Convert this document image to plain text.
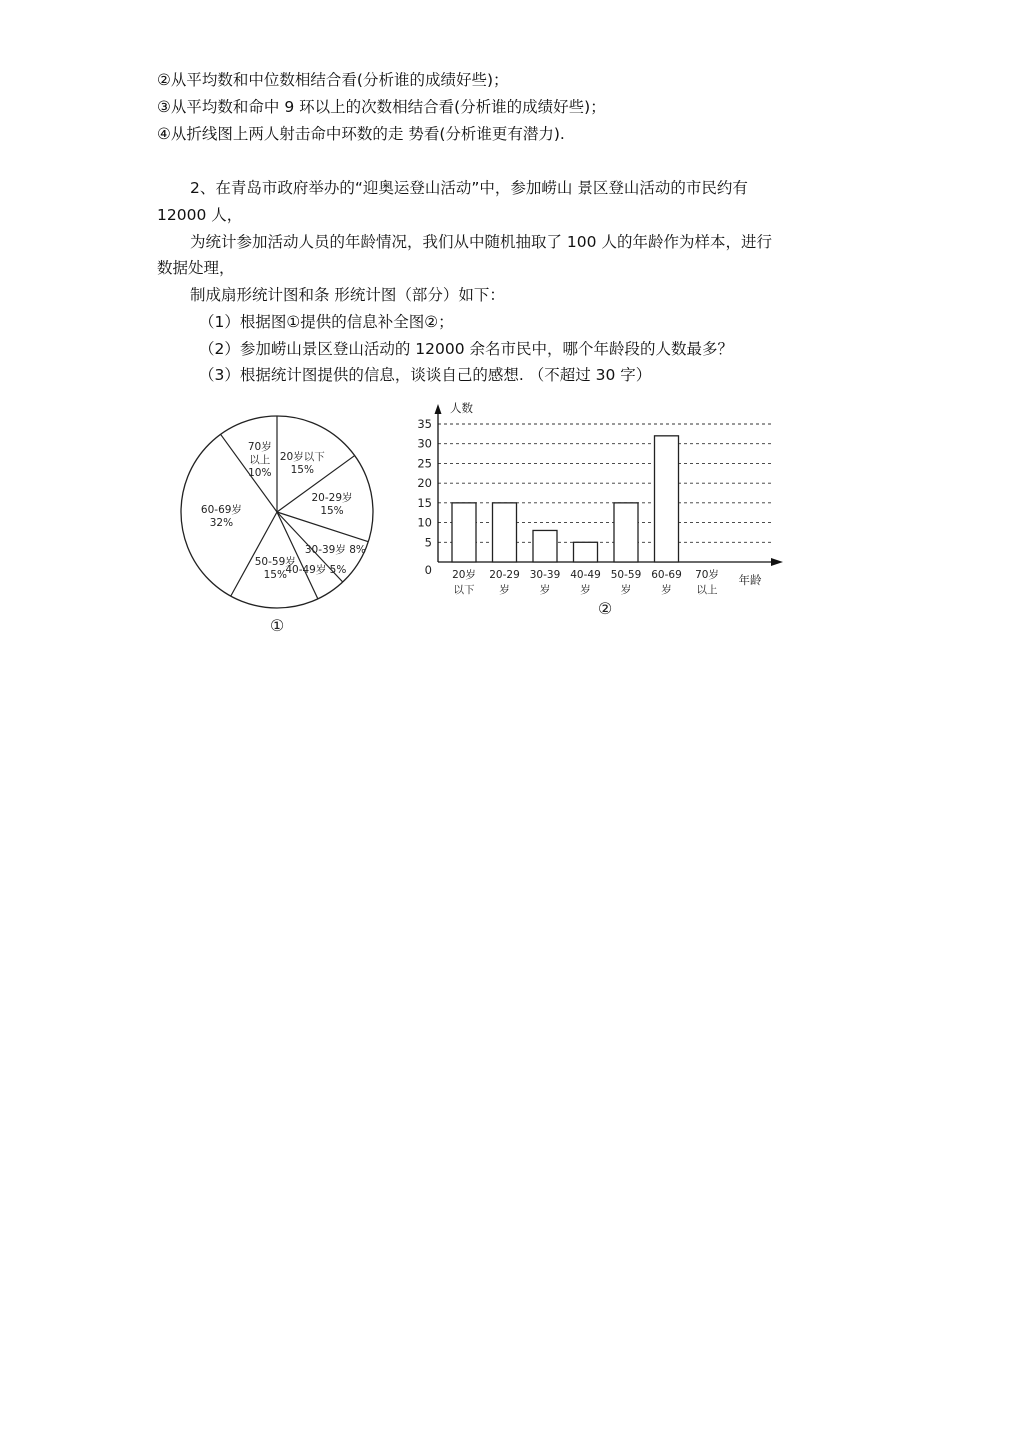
②从平均数和中位数相结合看(分析谁的成绩好些)；
③从平均数和命中 9 环以上的次数相结合看(分析谁的成绩好些)；
④从折线图上两人射击命中环数的走 势看(分析谁更有潜力).
2、在青岛市政府举办的“迎奥运登山活动”中，参加崂山 景区登山活动的市民约有
12000 人，
为统计参加活动人员的年龄情况，我们从中随机抽取了 100 人的年龄作为样本，进行
数据处理，
制成扇形统计图和条 形统计图（部分）如下：
（1）根据图①提供的信息补全图②；
（2）参加崂山景区登山活动的 12000 余名市民中，哪个年龄段的人数最多？
（3）根据统计图提供的信息，谈谈自己的感想. （不超过 30 字）
20岁以下 15%
20-29岁 15%
30-39岁 8%
40-49岁 5%
50-59岁 15%
60-69岁 32%
70岁以上 10%
①
0
5
10
15
20
25
30
35
人数
20岁
以下
20-29
岁
30-39
岁
40-49
岁
50-59
岁
60-69
岁
70岁
以上
年龄
②
